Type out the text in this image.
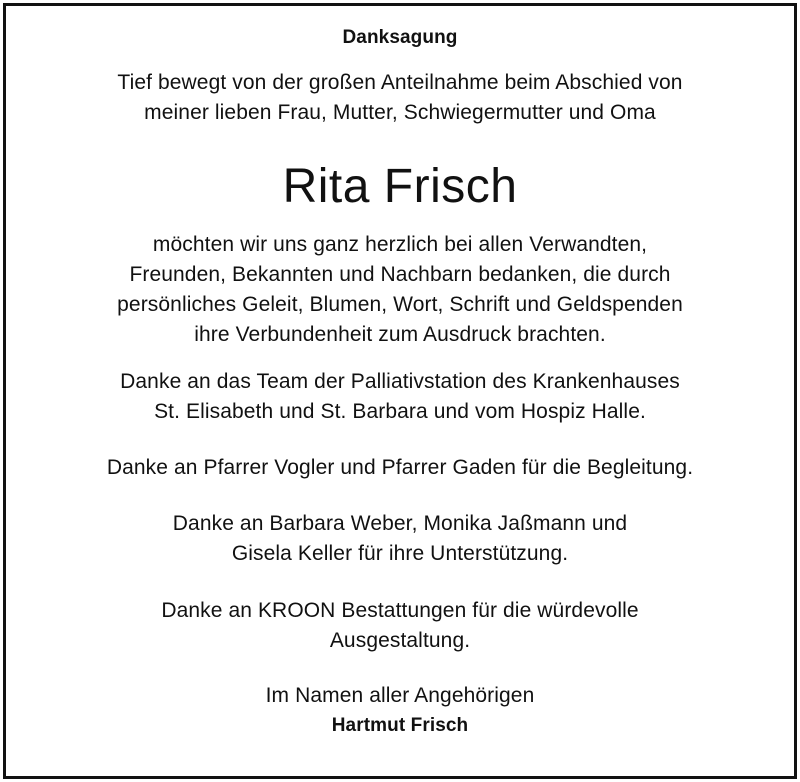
Danksagung
Tief bewegt von der großen Anteilnahme beim Abschied von
meiner lieben Frau, Mutter, Schwiegermutter und Oma
Rita Frisch
möchten wir uns ganz herzlich bei allen Verwandten,
Freunden, Bekannten und Nachbarn bedanken, die durch
persönliches Geleit, Blumen, Wort, Schrift und Geldspenden
ihre Verbundenheit zum Ausdruck brachten.
Danke an das Team der Palliativstation des Krankenhauses
St. Elisabeth und St. Barbara und vom Hospiz Halle.
Danke an Pfarrer Vogler und Pfarrer Gaden für die Begleitung.
Danke an Barbara Weber, Monika Jaßmann und
Gisela Keller für ihre Unterstützung.
Danke an KROON Bestattungen für die würdevolle
Ausgestaltung.
Im Namen aller Angehörigen
Hartmut Frisch
